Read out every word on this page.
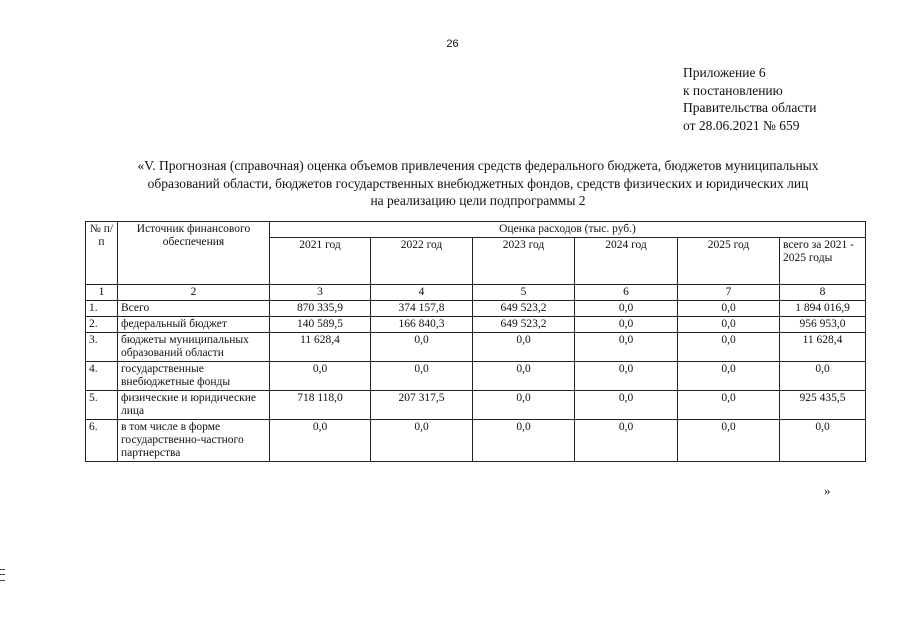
26
Приложение 6
к постановлению
Правительства области
от 28.06.2021 № 659
«V. Прогнозная (справочная) оценка объемов привлечения средств федерального бюджета, бюджетов муниципальных
образований области, бюджетов государственных внебюджетных фондов, средств физических и юридических лиц
на реализацию цели подпрограммы 2
№ п/п	Источник финансового обеспечения	Оценка расходов (тыс. руб.)					
		2021 год	2022 год	2023 год	2024 год	2025 год	всего за 2021 - 2025 годы
1	2	3	4	5	6	7	8
1.	Всего	870 335,9	374 157,8	649 523,2	0,0	0,0	1 894 016,9
2.	федеральный бюджет	140 589,5	166 840,3	649 523,2	0,0	0,0	956 953,0
3.	бюджеты муниципальных образований области	11 628,4	0,0	0,0	0,0	0,0	11 628,4
4.	государственные внебюджетные фонды	0,0	0,0	0,0	0,0	0,0	0,0
5.	физические и юридические лица	718 118,0	207 317,5	0,0	0,0	0,0	925 435,5
6.	в том числе в форме государственно-частного партнерства	0,0	0,0	0,0	0,0	0,0	0,0
»
